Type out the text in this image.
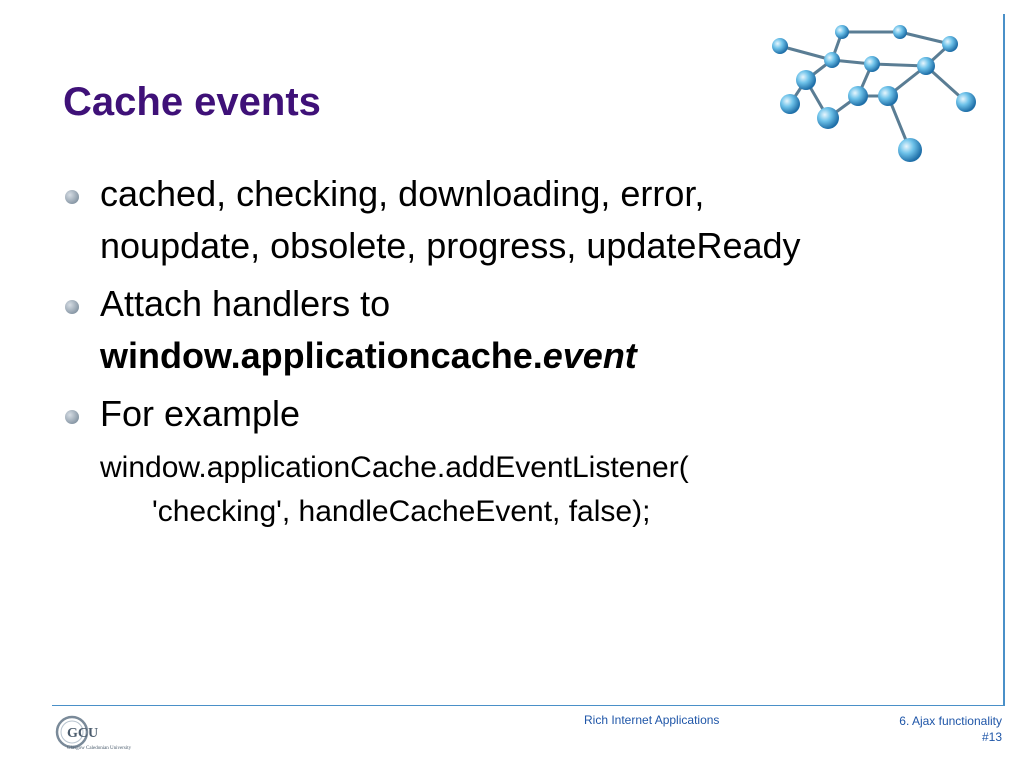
Cache events
cached, checking, downloading, error,
noupdate, obsolete, progress, updateReady
Attach handlers to
window.applicationcache.event
For example
window.applicationCache.addEventListener(
'checking', handleCacheEvent, false);
GCU
Glasgow Caledonian University
Rich Internet Applications	6. Ajax functionality
#13
